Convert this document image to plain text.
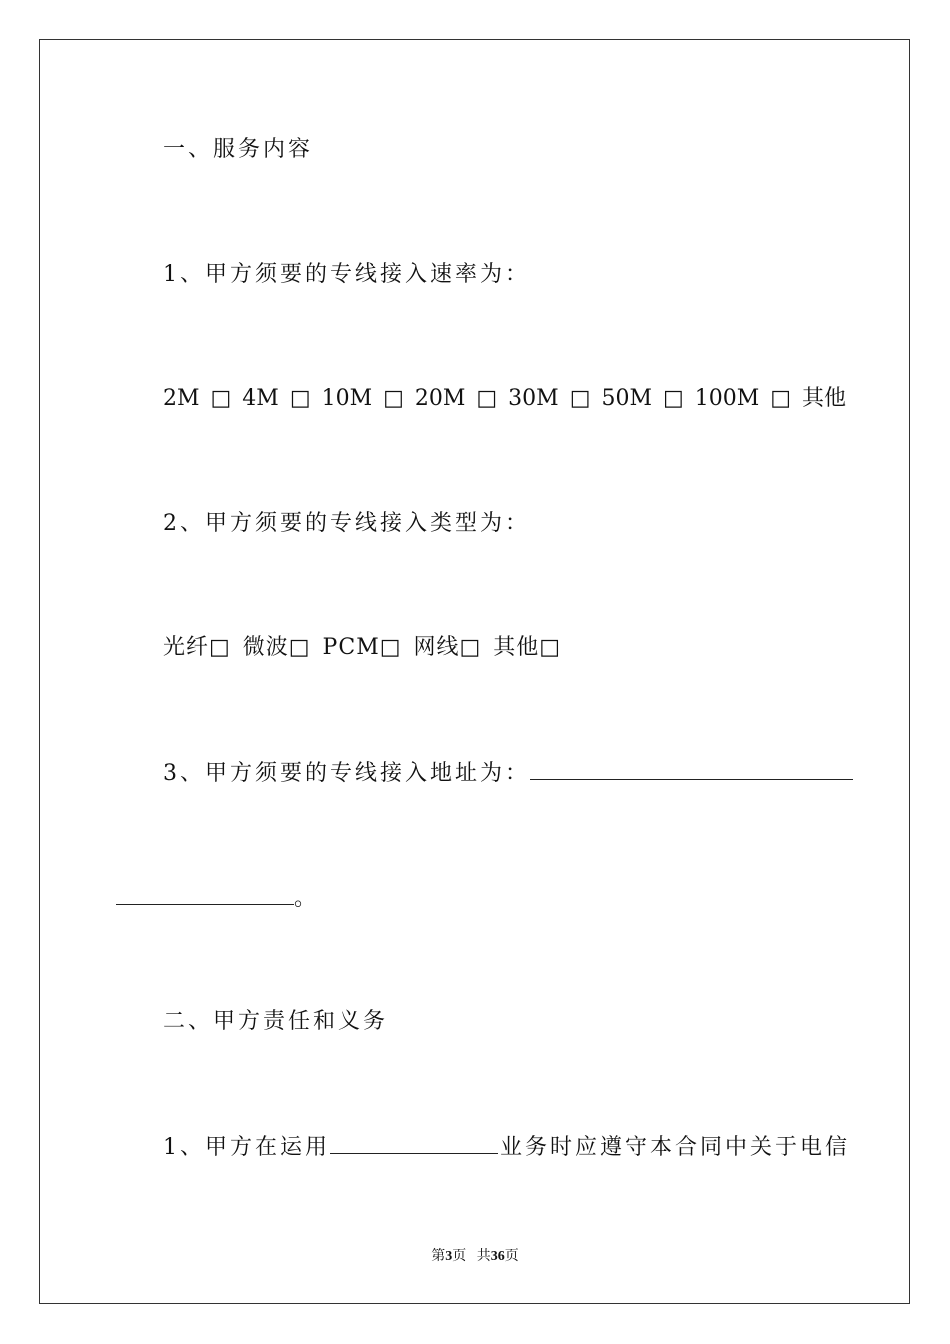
一、服务内容
1、甲方须要的专线接入速率为：
2M □ 4M □ 10M □ 20M □ 30M □ 50M □ 100M □ 其他
2、甲方须要的专线接入类型为：
光纤□ 微波□ PCM□ 网线□ 其他□
3、甲方须要的专线接入地址为：
。
二、甲方责任和义务
1、甲方在运用	业务时应遵守本合同中关于电信
第3页 共36页
